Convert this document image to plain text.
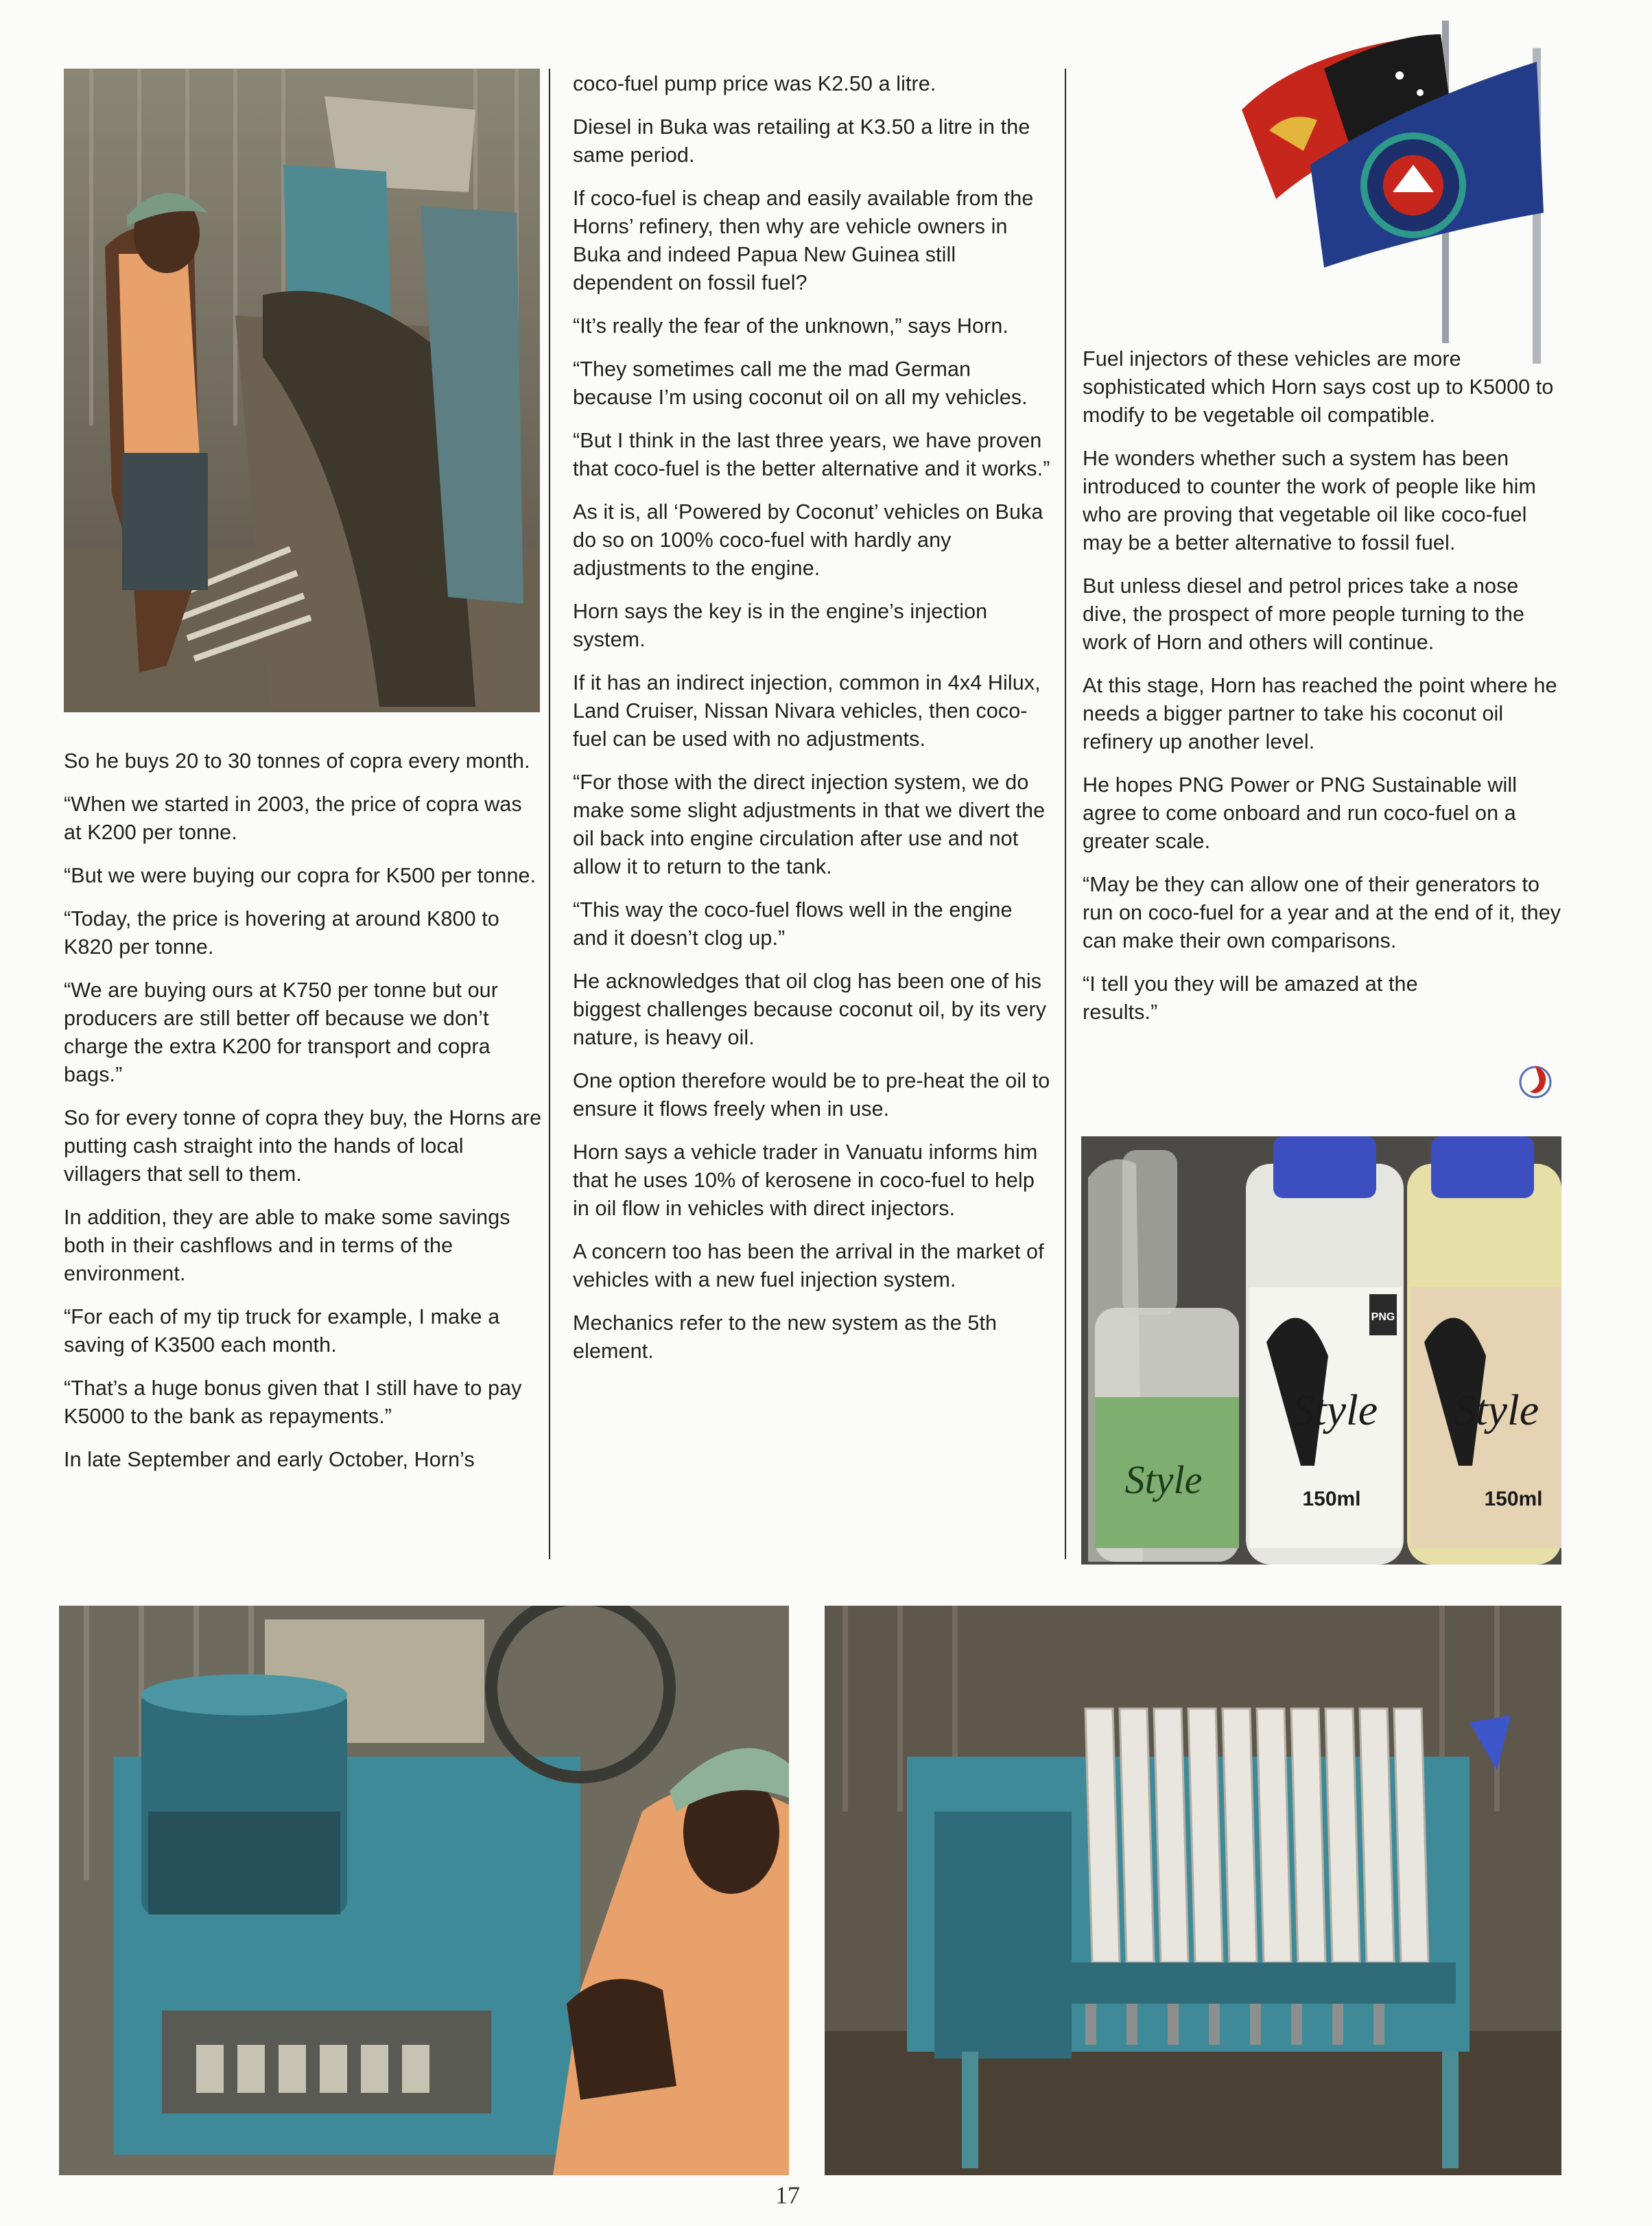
Style
Style
150ml
PNG
Style
150ml

So he buys 20 to 30 tonnes of copra every month.

“When we started in 2003, the price of copra was at K200 per tonne.

“But we were buying our copra for K500 per tonne.

“Today, the price is hovering at around K800 to K820 per tonne.

“We are buying ours at K750 per tonne but our producers are still better off because we don’t charge the extra K200 for transport and copra bags.”

So for every tonne of copra they buy, the Horns are putting cash straight into the hands of local villagers that sell to them.

In addition, they are able to make some savings both in their cashflows and in terms of the environment.

“For each of my tip truck for example, I make a saving of K3500 each month.

“That’s a huge bonus given that I still have to pay K5000 to the bank as repayments.”

In late September and early October, Horn’s

coco-fuel pump price was K2.50 a litre.

Diesel in Buka was retailing at K3.50 a litre in the same period.

If coco-fuel is cheap and easily available from the Horns’ refinery, then why are vehicle owners in Buka and indeed Papua New Guinea still dependent on fossil fuel?

“It’s really the fear of the unknown,” says Horn.

“They sometimes call me the mad German because I’m using coconut oil on all my vehicles.

“But I think in the last three years, we have proven that coco-fuel is the better alternative and it works.”

As it is, all ‘Powered by Coconut’ vehicles on Buka do so on 100% coco-fuel with hardly any adjustments to the engine.

Horn says the key is in the engine’s injection system.

If it has an indirect injection, common in 4x4 Hilux, Land Cruiser, Nissan Nivara vehicles, then coco-fuel can be used with no adjustments.

“For those with the direct injection system, we do make some slight adjustments in that we divert the oil back into engine circulation after use and not allow it to return to the tank.

“This way the coco-fuel flows well in the engine and it doesn’t clog up.”

He acknowledges that oil clog has been one of his biggest challenges because coconut oil, by its very nature, is heavy oil.

One option therefore would be to pre-heat the oil to ensure it flows freely when in use.

Horn says a vehicle trader in Vanuatu informs him that he uses 10% of kerosene in coco-fuel to help in oil flow in vehicles with direct injectors.

A concern too has been the arrival in the market of vehicles with a new fuel injection system.

Mechanics refer to the new system as the 5th element.

Fuel injectors of these vehicles are more sophisticated which Horn says cost up to K5000 to modify to be vegetable oil compatible.

He wonders whether such a system has been introduced to counter the work of people like him who are proving that vegetable oil like coco-fuel may be a better alternative to fossil fuel.

But unless diesel and petrol prices take a nose dive, the prospect of more people turning to the work of Horn and others will continue.

At this stage, Horn has reached the point where he needs a bigger partner to take his coconut oil refinery up another level.

He hopes PNG Power or PNG Sustainable will agree to come onboard and run coco-fuel on a greater scale.

“May be they can allow one of their generators to run on coco-fuel for a year and at the end of it, they can make their own comparisons.

“I tell you they will be amazed at the results.”

17
